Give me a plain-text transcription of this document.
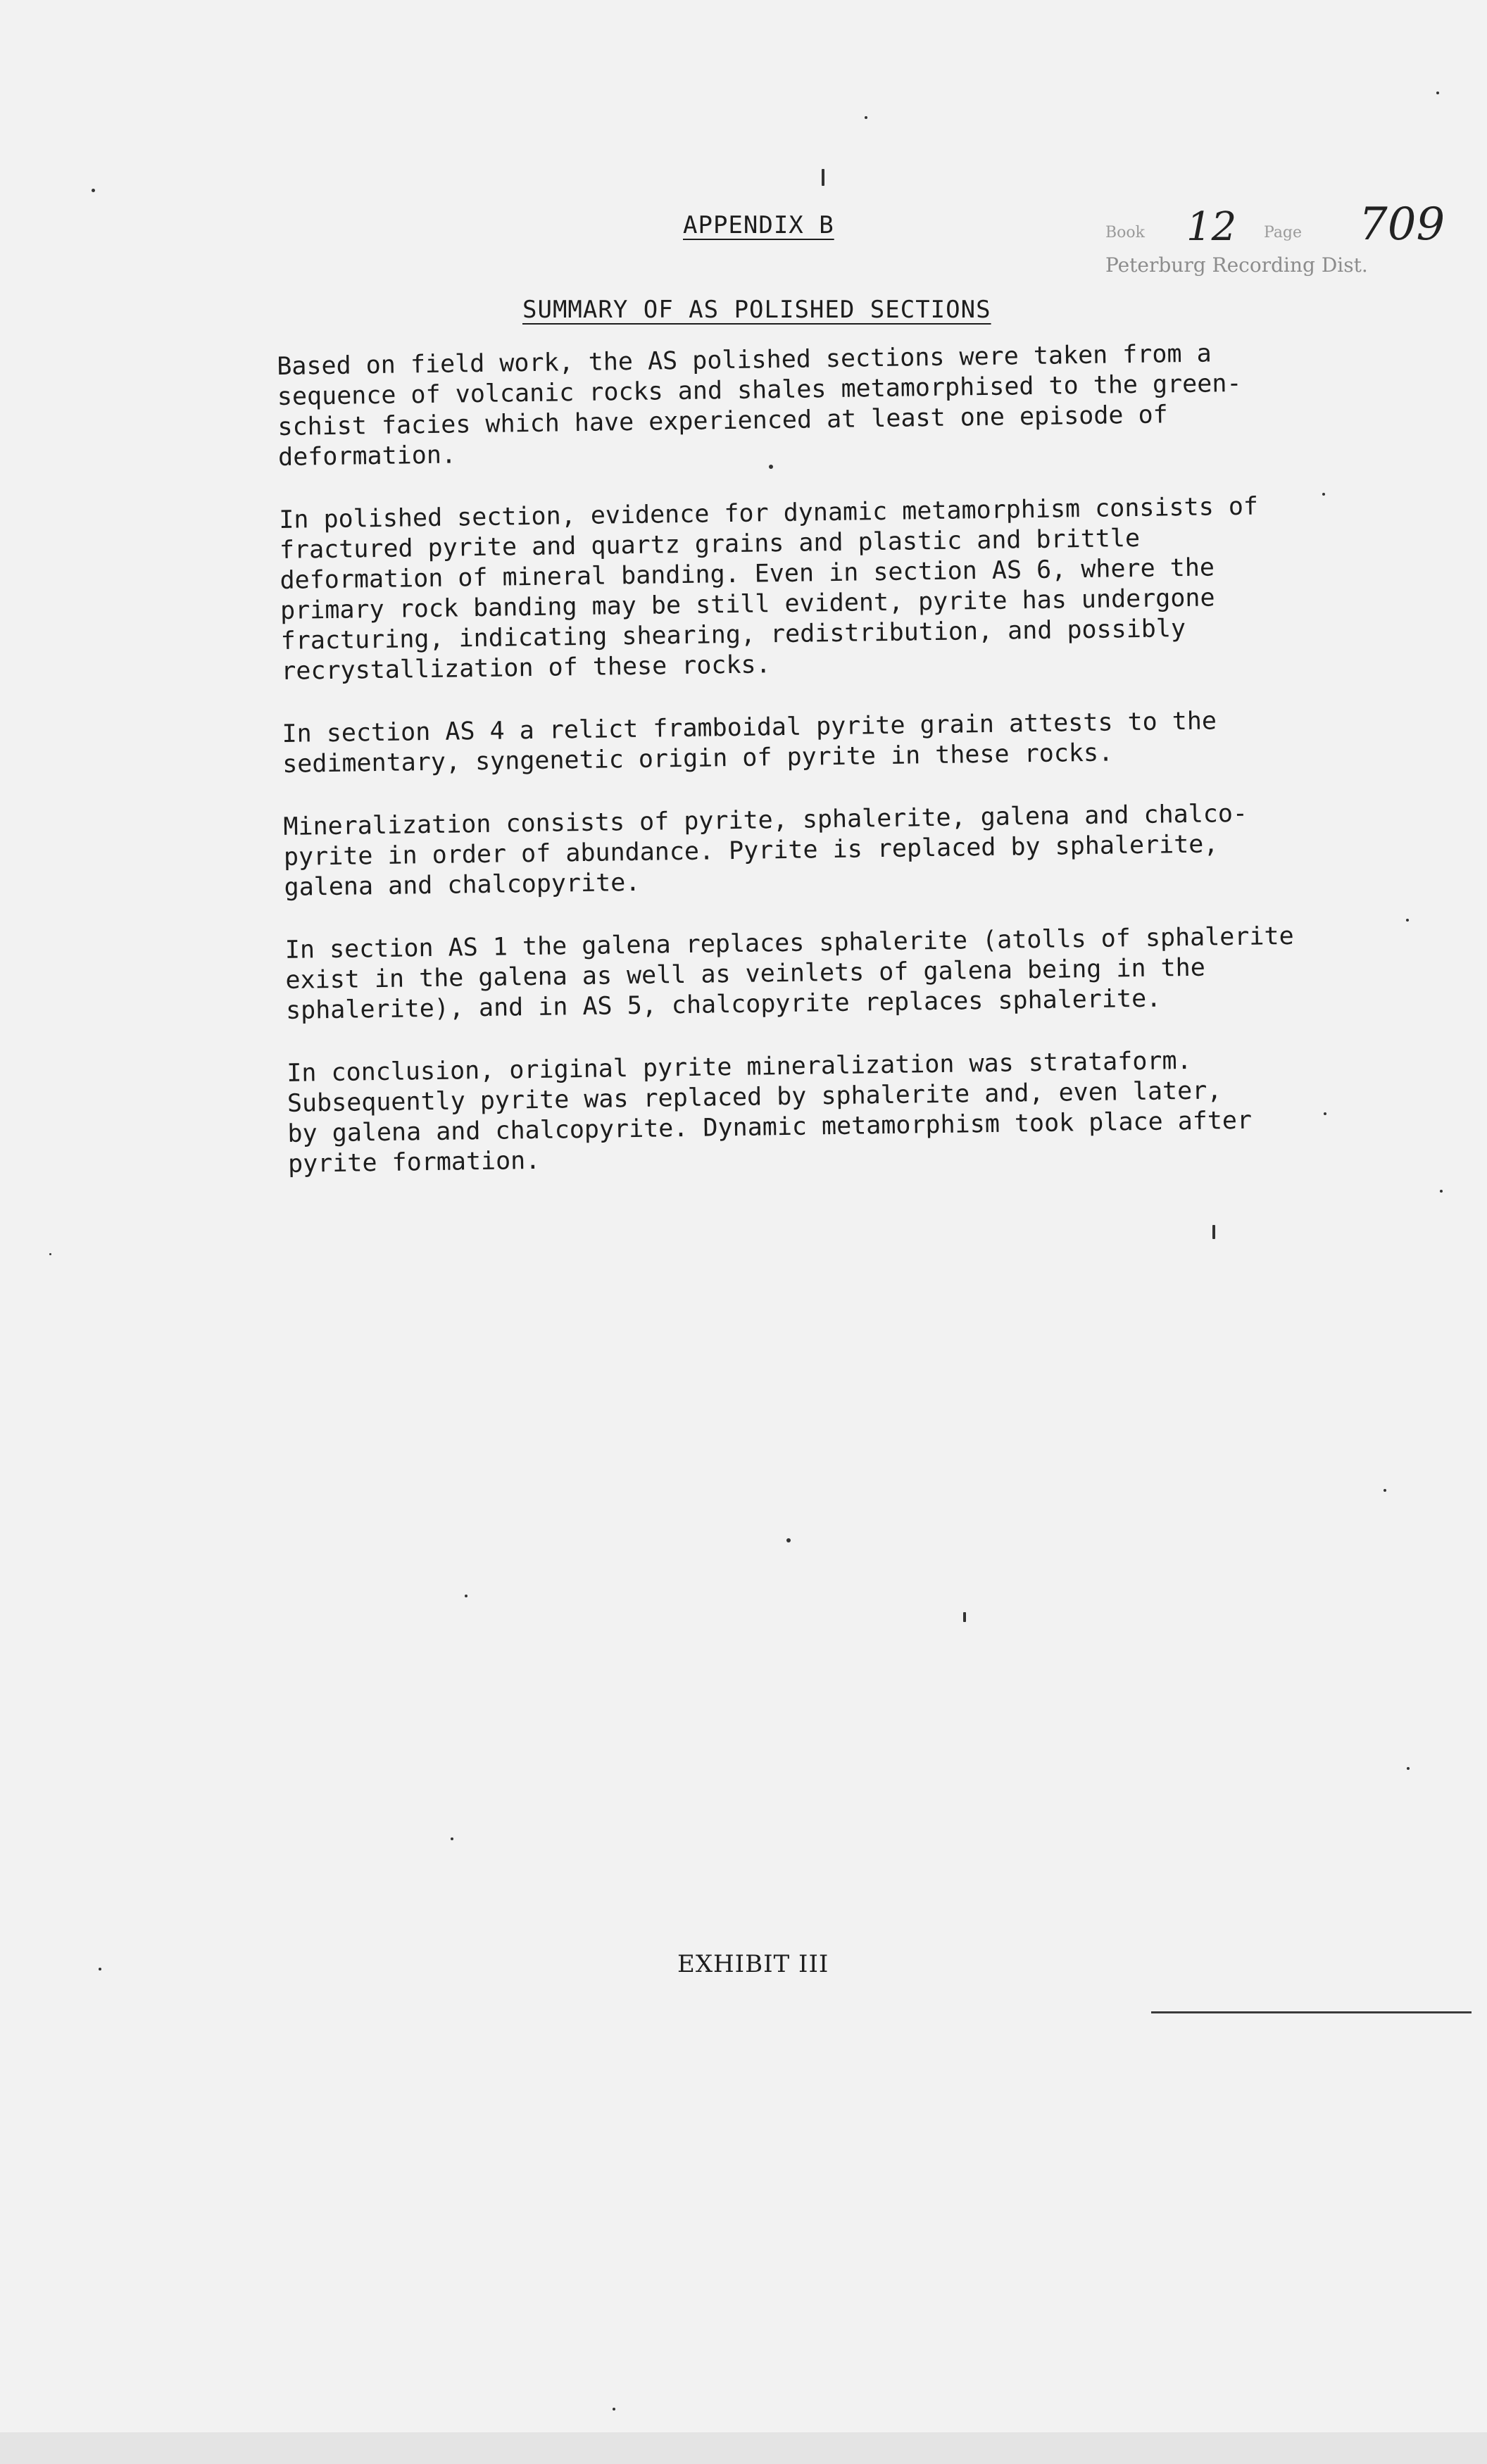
APPENDIX B	Book 12 Page 709
Peterburg Recording Dist.
SUMMARY OF AS POLISHED SECTIONS

Based on field work, the AS polished sections were taken from a
sequence of volcanic rocks and shales metamorphised to the green-
schist facies which have experienced at least one episode of
deformation.

In polished section, evidence for dynamic metamorphism consists of
fractured pyrite and quartz grains and plastic and brittle
deformation of mineral banding. Even in section AS 6, where the
primary rock banding may be still evident, pyrite has undergone
fracturing, indicating shearing, redistribution, and possibly
recrystallization of these rocks.

In section AS 4 a relict framboidal pyrite grain attests to the
sedimentary, syngenetic origin of pyrite in these rocks.

Mineralization consists of pyrite, sphalerite, galena and chalco-
pyrite in order of abundance. Pyrite is replaced by sphalerite,
galena and chalcopyrite.

In section AS 1 the galena replaces sphalerite (atolls of sphalerite
exist in the galena as well as veinlets of galena being in the
sphalerite), and in AS 5, chalcopyrite replaces sphalerite.

In conclusion, original pyrite mineralization was strataform.
Subsequently pyrite was replaced by sphalerite and, even later,
by galena and chalcopyrite. Dynamic metamorphism took place after
pyrite formation.

EXHIBIT III
